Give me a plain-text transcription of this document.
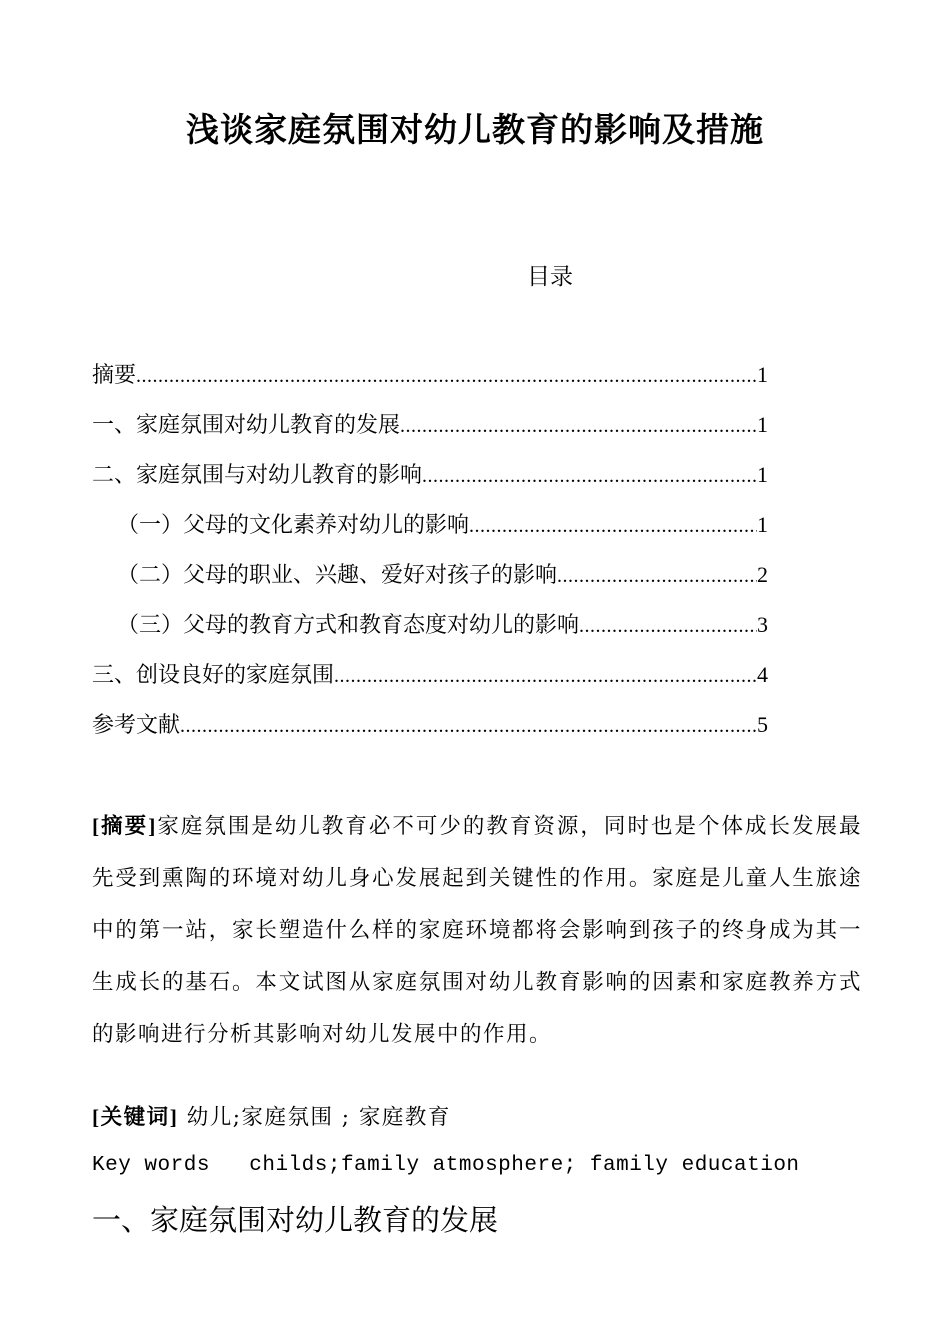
浅谈家庭氛围对幼儿教育的影响及措施
目录
摘要 .....	1
一、家庭氛围对幼儿教育的发展 .....	1
二、家庭氛围与对幼儿教育的影响 .....	1
（一）父母的文化素养对幼儿的影响 .....	1
（二）父母的职业、兴趣、爱好对孩子的影响 .....	2
（三）父母的教育方式和教育态度对幼儿的影响 .....	3
三、创设良好的家庭氛围 .....	4
参考文献 .....	5
[摘要]家庭氛围是幼儿教育必不可少的教育资源，同时也是个体成长发展最先受到熏陶的环境对幼儿身心发展起到关键性的作用。家庭是儿童人生旅途中的第一站，家长塑造什么样的家庭环境都将会影响到孩子的终身成为其一生成长的基石。本文试图从家庭氛围对幼儿教育影响的因素和家庭教养方式的影响进行分析其影响对幼儿发展中的作用。
[关键词] 幼儿;家庭氛围 ; 家庭教育
Key words childs;family atmosphere; family education
一、家庭氛围对幼儿教育的发展
